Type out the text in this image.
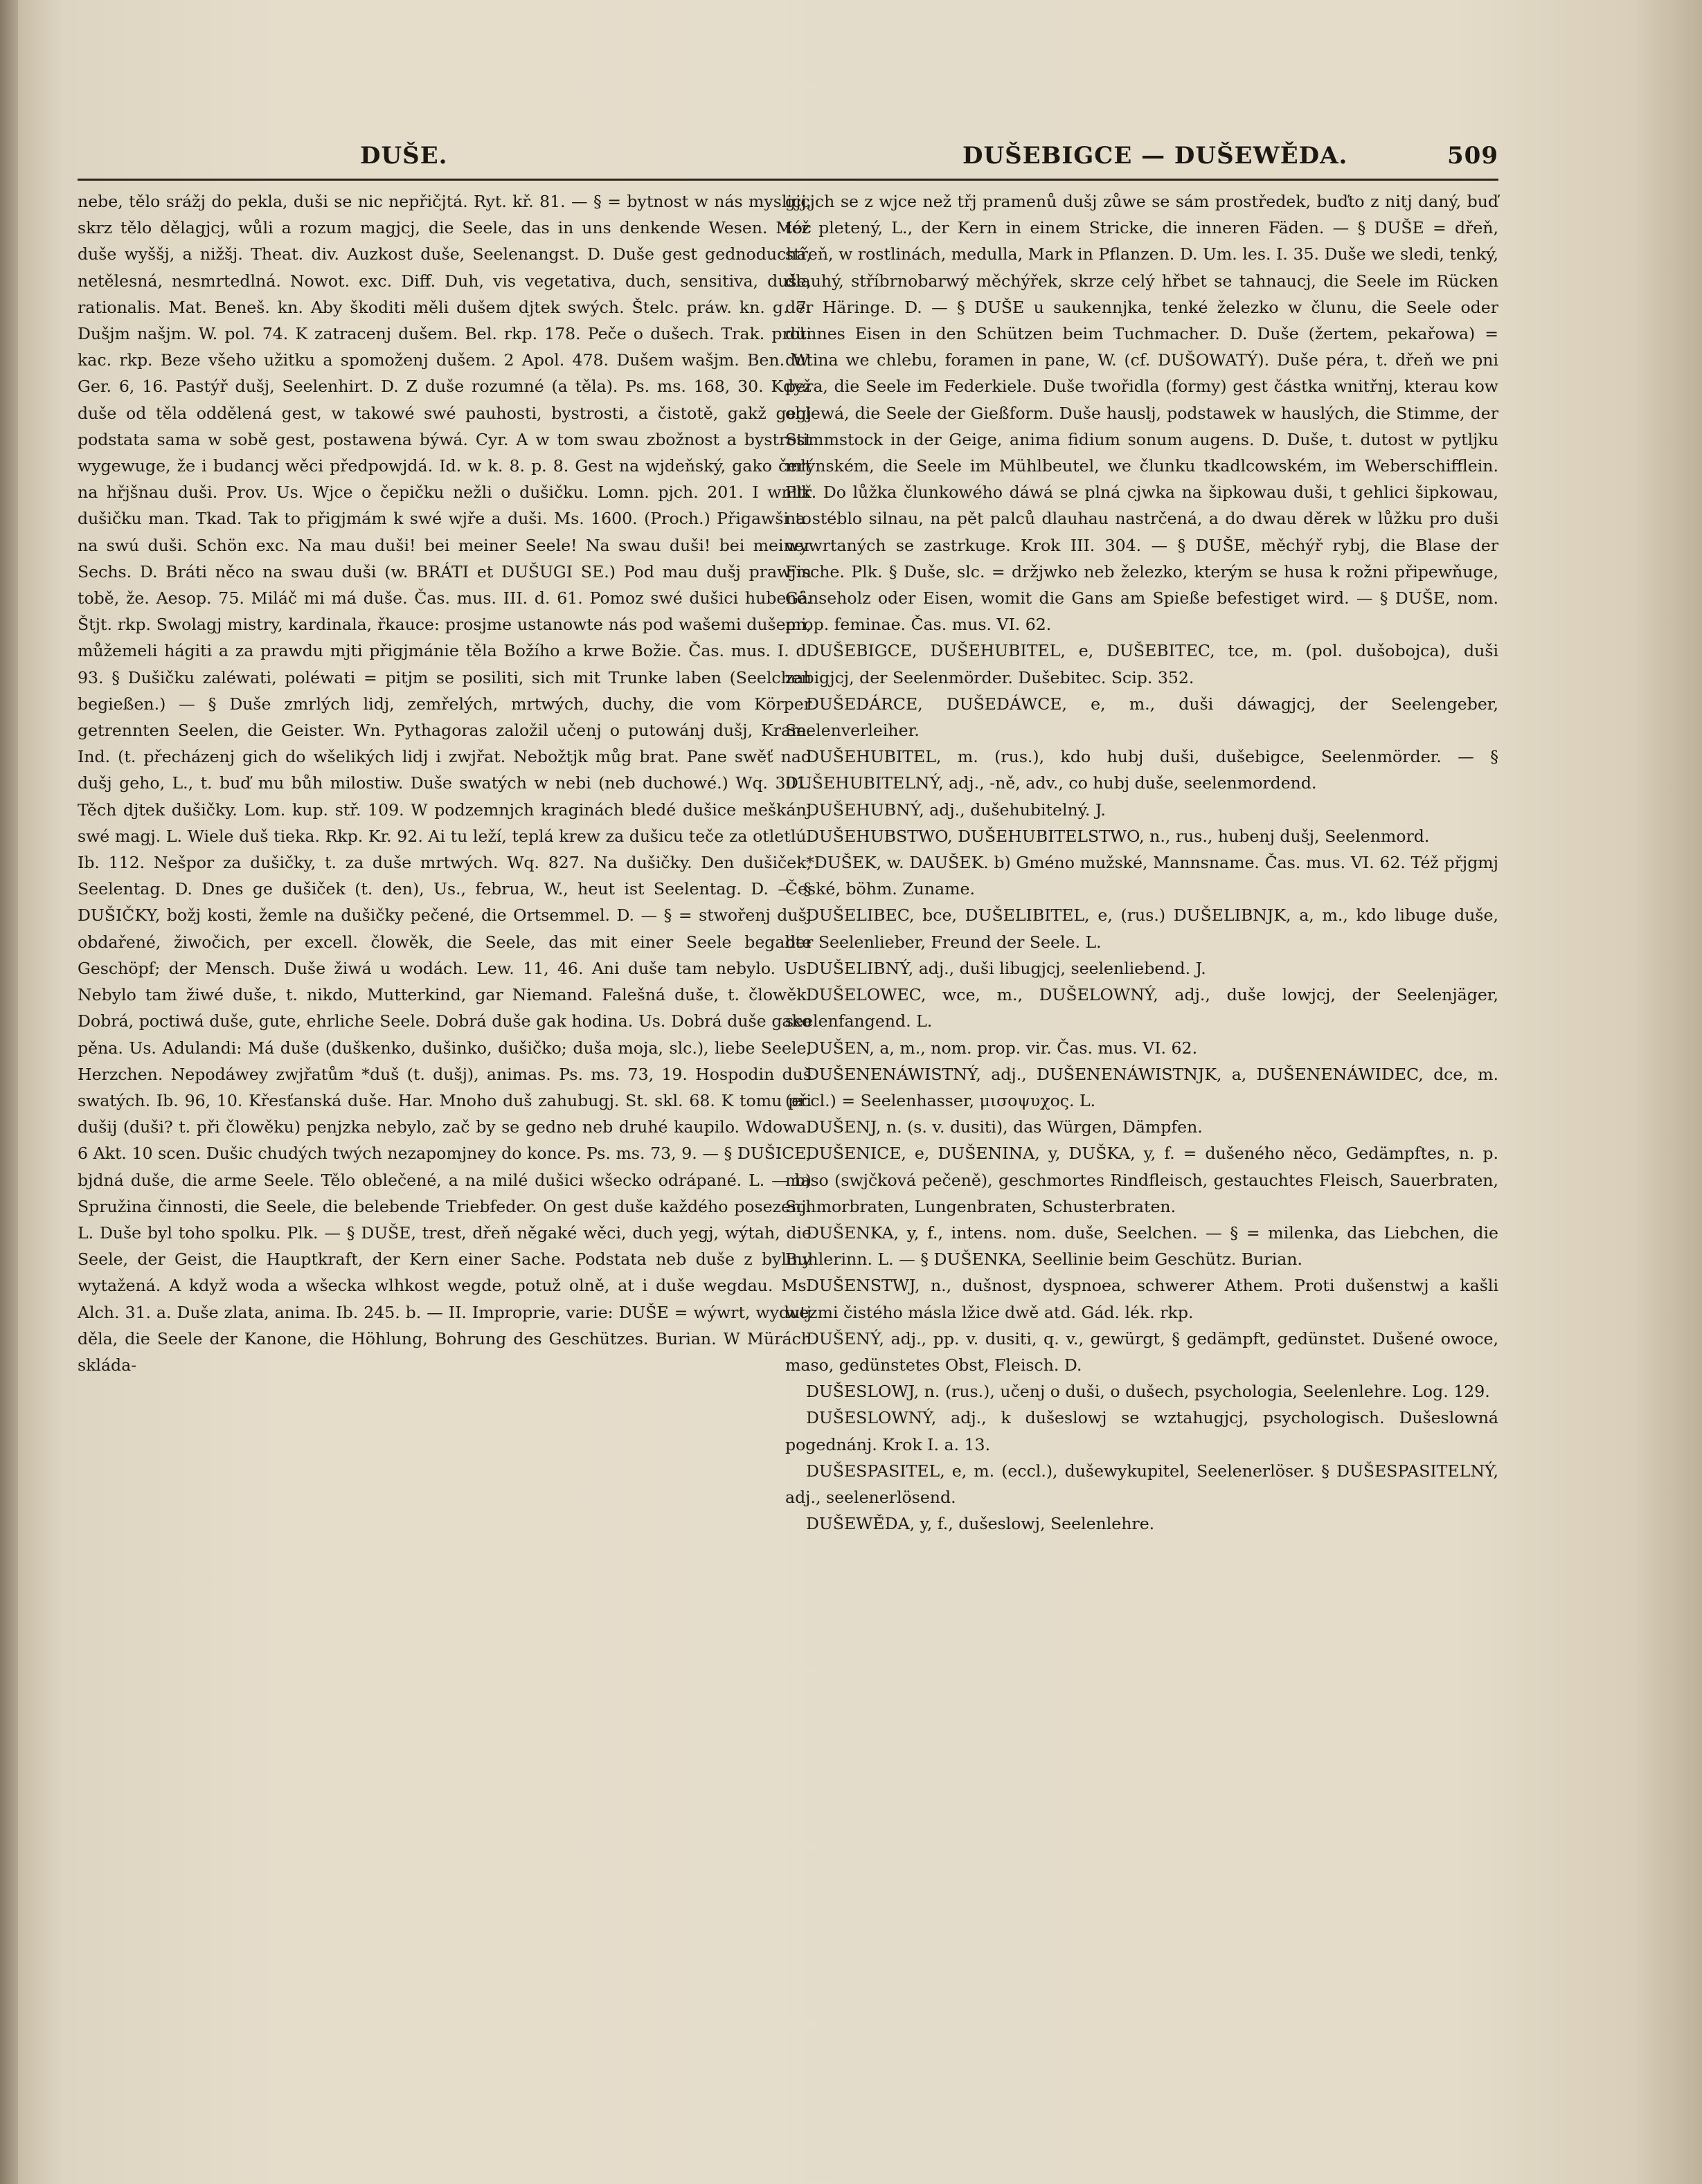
DUŠE.	DUŠEBIGCE — DUŠEWĚDA.	509

nebe, tělo srážj do pekla, duši se nic nepřičjtá. Ryt. kř. 81. — § = bytnost w nás myslicj, skrz tělo dělagjcj, wůli a rozum magjcj, die Seele, das in uns denkende Wesen. Moc duše wyššj, a nižšj. Theat. div. Auzkost duše, Seelenangst. D. Duše gest gednoduchá, netělesná, nesmrtedlná. Nowot. exc. Diff. Duh, vis vegetativa, duch, sensitiva, duše, rationalis. Mat. Beneš. kn. Aby škoditi měli dušem djtek swých. Štelc. práw. kn. g. 7. Dušjm našjm. W. pol. 74. K zatracenj dušem. Bel. rkp. 178. Peče o dušech. Trak. proti kac. rkp. Beze všeho užitku a spomoženj dušem. 2 Apol. 478. Dušem wašjm. Ben. W. Ger. 6, 16. Pastýř dušj, Seelenhirt. D. Z duše rozumné (a těla). Ps. ms. 168, 30. Když duše od těla oddělená gest, w takowé swé pauhosti, bystrosti, a čistotě, gakž gegj podstata sama w sobě gest, postawena býwá. Cyr. A w tom swau zbožnost a bystrost wygewuge, že i budancj wěci předpowjdá. Id. w k. 8. p. 8. Gest na wjdeňský, gako čert na hřjšnau duši. Prov. Us. Wjce o čepičku nežli o dušičku. Lomn. pjch. 201. I wnitř dušičku man. Tkad. Tak to přigjmám k swé wjře a duši. Ms. 1600. (Proch.) Přigawši to na swú duši. Schön exc. Na mau duši! bei meiner Seele! Na swau duši! bei meiner Sechs. D. Bráti něco na swau duši (w. BRÁTI et DUŠUGI SE.) Pod mau dušj prawjm tobě, že. Aesop. 75. Miláč mi má duše. Čas. mus. III. d. 61. Pomoz swé dušici hubené. Štjt. rkp. Swolagj mistry, kardinala, řkauce: prosjme ustanowte nás pod wašemi dušemi, můžemeli hágiti a za prawdu mjti přigjmánie těla Božího a krwe Božie. Čas. mus. I. d. 93. § Dušičku zaléwati, poléwati = pitjm se posiliti, sich mit Trunke laben (Seelchen begießen.) — § Duše zmrlých lidj, zemřelých, mrtwých, duchy, die vom Körper getrennten Seelen, die Geister. Wn. Pythagoras založil učenj o putowánj dušj, Kram. Ind. (t. přecházenj gich do wšelikých lidj i zwjřat. Nebožtjk můg brat. Pane swěť nad dušj geho, L., t. buď mu bůh milostiw. Duše swatých w nebi (neb duchowé.) Wq. 301. Těch djtek dušičky. Lom. kup. stř. 109. W podzemnjch kraginách bledé dušice meškánj swé magj. L. Wiele duš tieka. Rkp. Kr. 92. Ai tu leží, teplá krew za dušicu teče za otletlú. Ib. 112. Nešpor za dušičky, t. za duše mrtwých. Wq. 827. Na dušičky. Den dušiček, Seelentag. D. Dnes ge dušiček (t. den), Us., februa, W., heut ist Seelentag. D. — § DUŠIČKY, božj kosti, žemle na dušičky pečené, die Ortsemmel. D. — § = stwořenj dušj obdařené, žiwočich, per excell. člowěk, die Seele, das mit einer Seele begabte Geschöpf; der Mensch. Duše žiwá u wodách. Lew. 11, 46. Ani duše tam nebylo. Us. Nebylo tam žiwé duše, t. nikdo, Mutterkind, gar Niemand. Falešná duše, t. člowěk. Dobrá, poctiwá duše, gute, ehrliche Seele. Dobrá duše gak hodina. Us. Dobrá duše gako pěna. Us. Adulandi: Má duše (duškenko, dušinko, dušičko; duša moja, slc.), liebe Seele, Herzchen. Nepodáwey zwjřatům *duš (t. dušj), animas. Ps. ms. 73, 19. Hospodin duš swatých. Ib. 96, 10. Křesťanská duše. Har. Mnoho duš zahubugj. St. skl. 68. K tomu při dušij (duši? t. při člowěku) penjzka nebylo, zač by se gedno neb druhé kaupilo. Wdowa. 6 Akt. 10 scen. Dušic chudých twých nezapomjney do konce. Ps. ms. 73, 9. — § DUŠICE, bjdná duše, die arme Seele. Tělo oblečené, a na milé dušici wšecko odrápané. L. — b) Spružina činnosti, die Seele, die belebende Triebfeder. On gest duše každého posezenj. L. Duše byl toho spolku. Plk. — § DUŠE, trest, dřeň něgaké wěci, duch yegj, wýtah, die Seele, der Geist, die Hauptkraft, der Kern einer Sache. Podstata neb duše z byliny wytažená. A když woda a wšecka wlhkost wegde, potuž olně, at i duše wegdau. Ms. Alch. 31. a. Duše zlata, anima. Ib. 245. b. — II. Improprie, varie: DUŠE = wýwrt, wydutj děla, die Seele der Kanone, die Höhlung, Bohrung des Geschützes. Burian. W Mürách skláda-

gjcjch se z wjce než třj pramenů dušj zůwe se sám prostředek, buďto z nitj daný, buď též pletený, L., der Kern in einem Stricke, die inneren Fäden. — § DUŠE = dřeň, střeň, w rostlinách, medulla, Mark in Pflanzen. D. Um. les. I. 35. Duše we sledi, tenký, dlauhý, stříbrnobarwý měchýřek, skrze celý hřbet se tahnaucj, die Seele im Rücken der Häringe. D. — § DUŠE u saukennjka, tenké železko w člunu, die Seele oder dünnes Eisen in den Schützen beim Tuchmacher. D. Duše (žertem, pekařowa) = dutina we chlebu, foramen in pane, W. (cf. DUŠOWATÝ). Duše péra, t. dřeň we pni pera, die Seele im Federkiele. Duše twořidla (formy) gest částka wnitřnj, kterau kow oblewá, die Seele der Gießform. Duše hauslj, podstawek w hauslých, die Stimme, der Stimmstock in der Geige, anima fidium sonum augens. D. Duše, t. dutost w pytljku mlýnském, die Seele im Mühlbeutel, we člunku tkadlcowském, im Weberschifflein. Plk. Do lůžka člunkowého dáwá se plná cjwka na šipkowau duši, t gehlici šipkowau, na stéblo silnau, na pět palců dlauhau nastrčená, a do dwau děrek w lůžku pro duši wywrtaných se zastrkuge. Krok III. 304. — § DUŠE, měchýř rybj, die Blase der Fische. Plk. § Duše, slc. = držjwko neb železko, kterým se husa k rožni připewňuge, Gänseholz oder Eisen, womit die Gans am Spieße befestiget wird. — § DUŠE, nom. prop. feminae. Čas. mus. VI. 62.

DUŠEBIGCE, DUŠEHUBITEL, e, DUŠEBITEC, tce, m. (pol. dušobojca), duši zabigjcj, der Seelenmörder. Dušebitec. Scip. 352.

DUŠEDÁRCE, DUŠEDÁWCE, e, m., duši dáwagjcj, der Seelengeber, Seelenverleiher.

DUŠEHUBITEL, m. (rus.), kdo hubj duši, dušebigce, Seelenmörder. — § DUŠEHUBITELNÝ, adj., -ně, adv., co hubj duše, seelenmordend.

DUŠEHUBNÝ, adj., dušehubitelný. J.

DUŠEHUBSTWO, DUŠEHUBITELSTWO, n., rus., hubenj dušj, Seelenmord.

*DUŠEK, w. DAUŠEK. b) Gméno mužské, Mannsname. Čas. mus. VI. 62. Též přjgmj České, böhm. Zuname.

DUŠELIBEC, bce, DUŠELIBITEL, e, (rus.) DUŠELIBNJK, a, m., kdo libuge duše, der Seelenlieber, Freund der Seele. L.

DUŠELIBNÝ, adj., duši libugjcj, seelenliebend. J.

DUŠELOWEC, wce, m., DUŠELOWNÝ, adj., duše lowjcj, der Seelenjäger, seelenfangend. L.

DUŠEN, a, m., nom. prop. vir. Čas. mus. VI. 62.

DUŠENENÁWISTNÝ, adj., DUŠENENÁWISTNJK, a, DUŠENENÁWIDEC, dce, m. (eccl.) = Seelenhasser, μισοψυχος. L.

DUŠENJ, n. (s. v. dusiti), das Würgen, Dämpfen.

DUŠENICE, e, DUŠENINA, y, DUŠKA, y, f. = dušeného něco, Gedämpftes, n. p. maso (swjčková pečeně), geschmortes Rindfleisch, gestauchtes Fleisch, Sauerbraten, Schmorbraten, Lungenbraten, Schusterbraten.

DUŠENKA, y, f., intens. nom. duše, Seelchen. — § = milenka, das Liebchen, die Buhlerinn. L. — § DUŠENKA, Seellinie beim Geschütz. Burian.

DUŠENSTWJ, n., dušnost, dyspnoea, schwerer Athem. Proti dušenstwj a kašli wezmi čistého másla lžice dwě atd. Gád. lék. rkp.

DUŠENÝ, adj., pp. v. dusiti, q. v., gewürgt, § gedämpft, gedünstet. Dušené owoce, maso, gedünstetes Obst, Fleisch. D.

DUŠESLOWJ, n. (rus.), učenj o duši, o dušech, psychologia, Seelenlehre. Log. 129.

DUŠESLOWNÝ, adj., k dušeslowj se wztahugjcj, psychologisch. Dušeslowná pogednánj. Krok I. a. 13.

DUŠESPASITEL, e, m. (eccl.), dušewykupitel, Seelenerlöser. § DUŠESPASITELNÝ, adj., seelenerlösend.

DUŠEWĚDA, y, f., dušeslowj, Seelenlehre.
